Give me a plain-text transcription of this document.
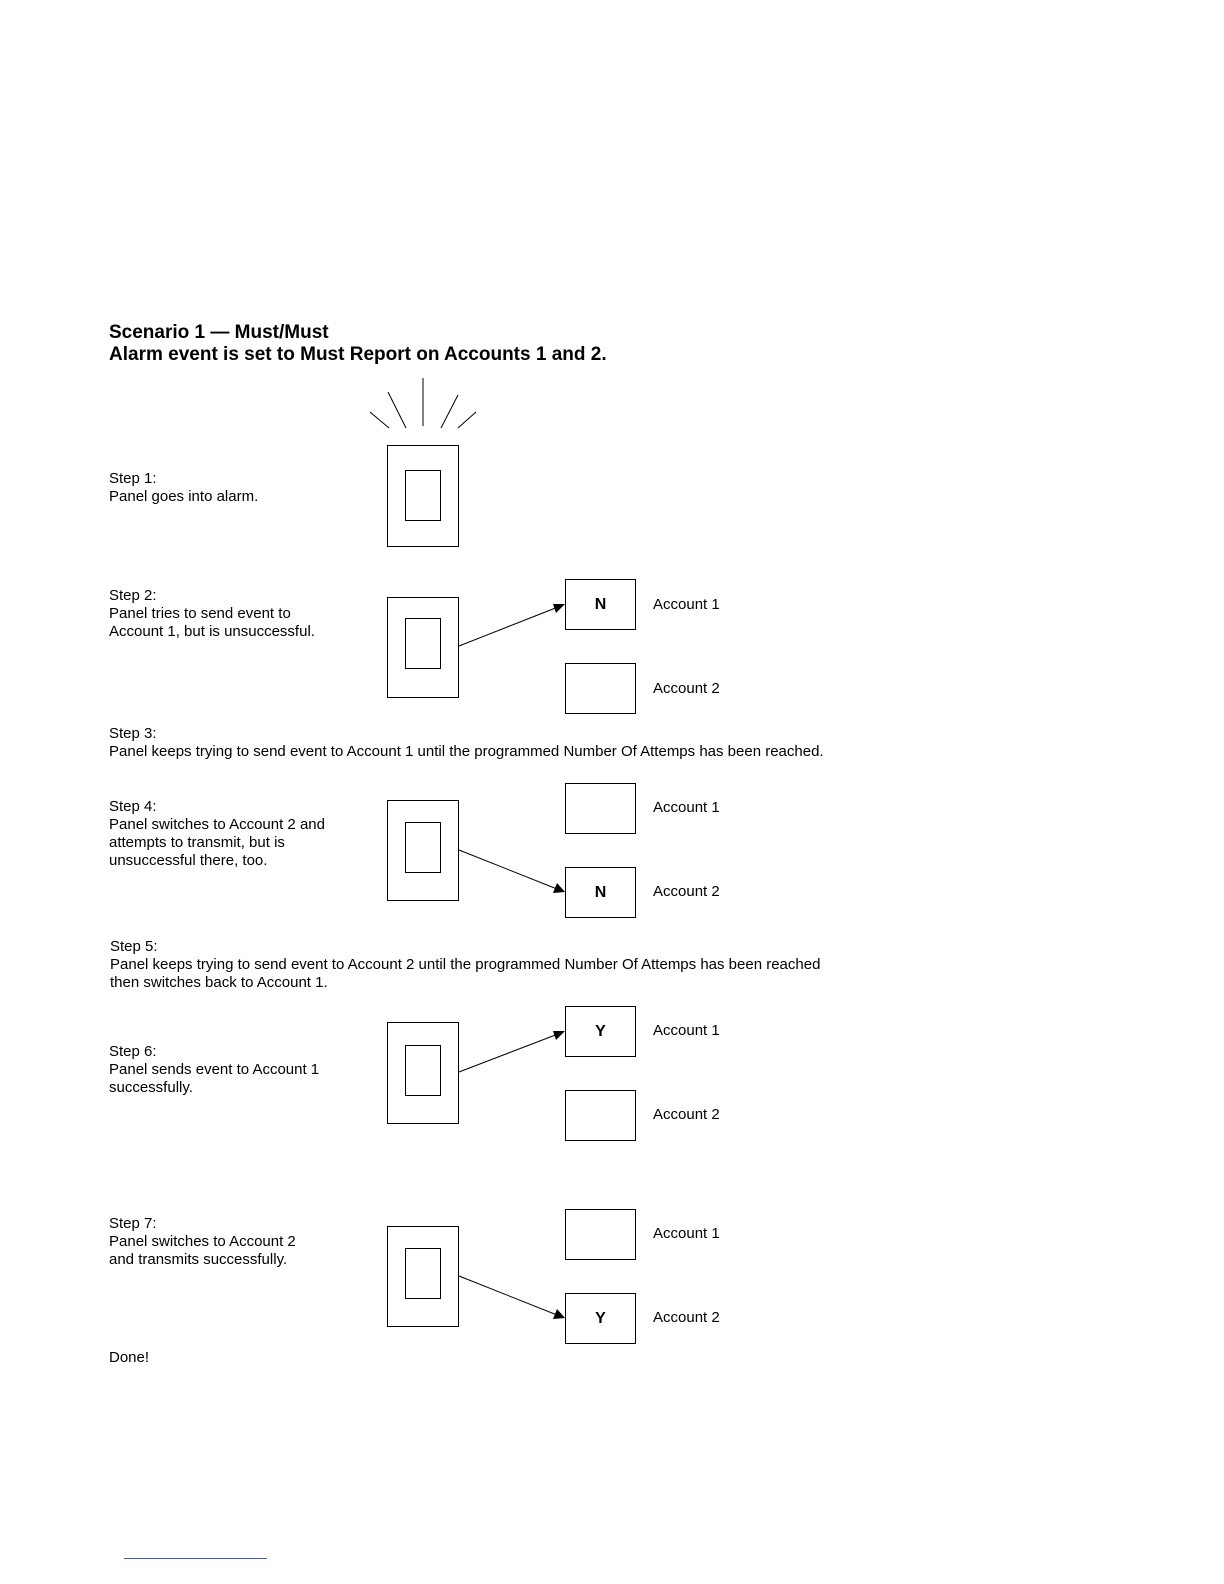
Scenario 1 — Must/Must
Alarm event is set to Must Report on Accounts 1 and 2.
Step 1:
Panel goes into alarm.
Step 2:
Panel tries to send event to
Account 1, but is unsuccessful.
N	Account 1
Account 2
Step 3:
Panel keeps trying to send event to Account 1 until the programmed Number Of Attemps has been reached.
Step 4:
Panel switches to Account 2 and
attempts to transmit, but is
unsuccessful there, too.
Account 1
N	Account 2
Step 5:
Panel keeps trying to send event to Account 2 until the programmed Number Of Attemps has been reached
then switches back to Account 1.
Step 6:
Panel sends event to Account 1
successfully.
Y	Account 1
Account 2
Step 7:
Panel switches to Account 2
and transmits successfully.
Account 1
Y	Account 2
Done!
